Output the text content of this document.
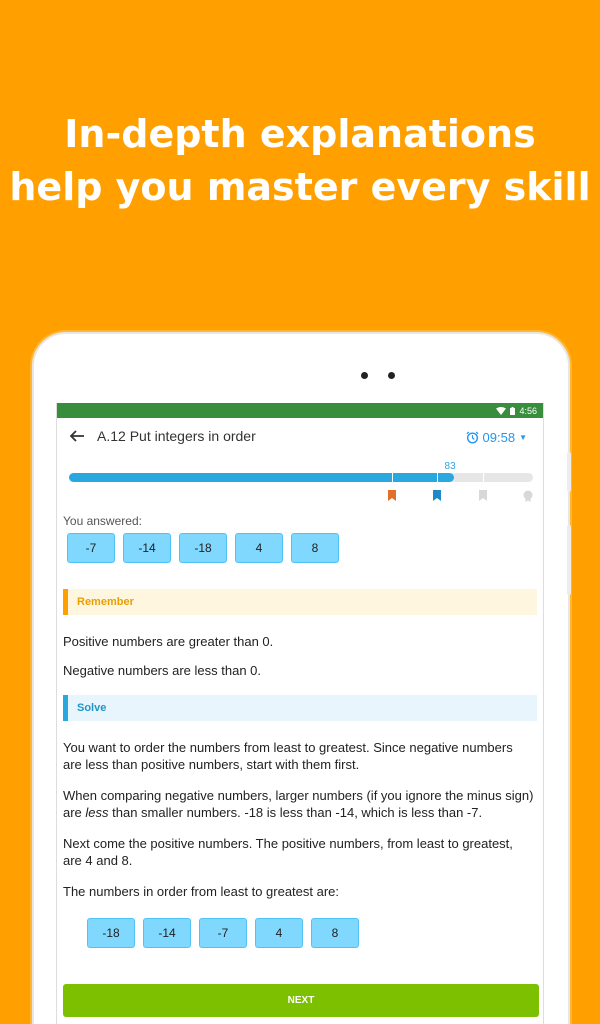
In-depth explanations
help you master every skill
4:56
A.12 Put integers in order	09:58 ▼
83
You answered:
-7	-14	-18	4	8
Remember

Positive numbers are greater than 0.

Negative numbers are less than 0.

Solve

You want to order the numbers from least to greatest. Since negative numbers are less than positive numbers, start with them first.

When comparing negative numbers, larger numbers (if you ignore the minus sign) are less than smaller numbers. -18 is less than -14, which is less than -7.

Next come the positive numbers. The positive numbers, from least to greatest, are 4 and 8.

The numbers in order from least to greatest are:

-18	-14	-7	4	8
NEXT
